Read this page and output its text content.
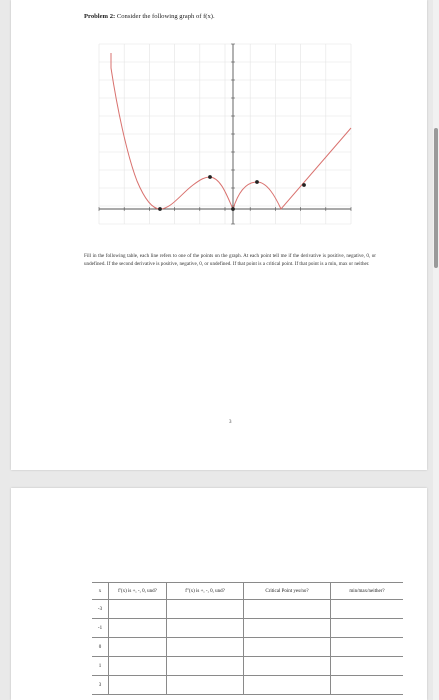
Problem 2: Consider the following graph of f(x).
Fill in the following table, each line refers to one of the points on the graph. At each point tell me if the derivative is positive, negative, 0, or undefined. If the second derivative is positive, negative, 0, or undefined. If that point is a critical point. If that point is a min, max or neither.
3
x	f′(x) is +, -, 0, und?	f″(x) is +, -, 0, und?	Critical Point yes/no?	min/max/neither?
-3				
-1				
0				
1				
3				
